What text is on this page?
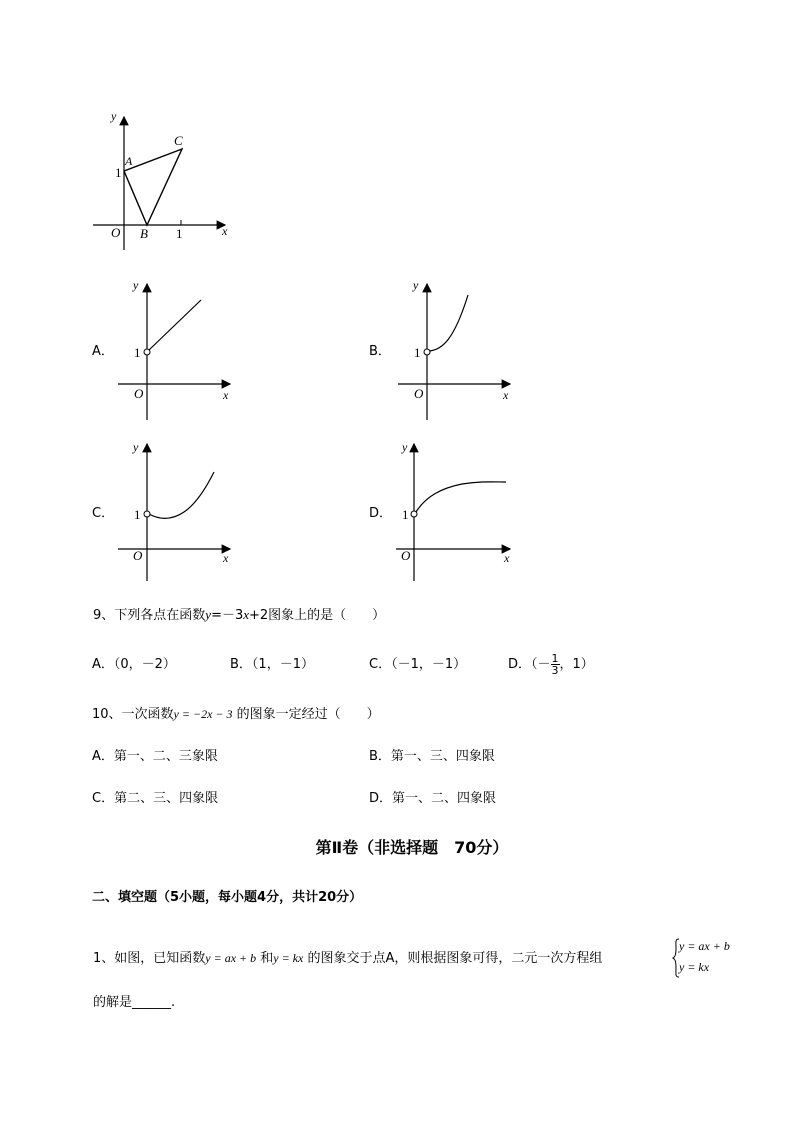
y
x
O
A
B
C
1
1
A．
y
x
O
1	B．
y
x
O
1
C．
y
x
O
1	D．
y
x
O
1
9、下列各点在函数y=－3x+2图象上的是（　　）
A．（0，－2）	B．（1，－1）	C．（－1，－1）	D．（－ $\frac{1}{3}$ ，1）
10、一次函数y = −2x − 3 的图象一定经过（　　）
A．第一、二、三象限	B．第一、三、四象限
C．第二、三、四象限	D．第一、二、四象限
第Ⅱ卷（非选择题　70分）
二、填空题（5小题，每小题4分，共计20分）
1、如图，已知函数y = ax + b 和y = kx 的图象交于点A，则根据图象可得，二元一次方程组
y = ax + b
y = kx
的解是______.
